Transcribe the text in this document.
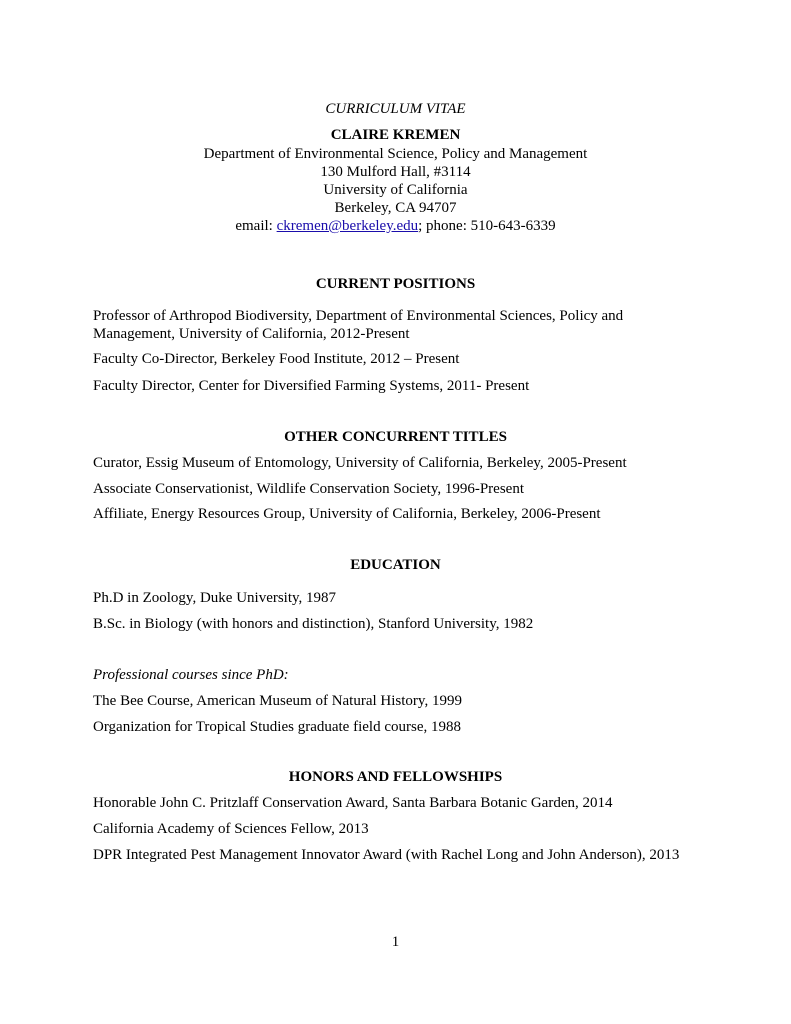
CURRICULUM VITAE
CLAIRE KREMEN
Department of Environmental Science, Policy and Management
130 Mulford Hall, #3114
University of California
Berkeley, CA 94707
email: ckremen@berkeley.edu; phone: 510-643-6339
CURRENT POSITIONS
Professor of Arthropod Biodiversity, Department of Environmental Sciences, Policy and Management, University of California, 2012-Present
Faculty Co-Director, Berkeley Food Institute, 2012 – Present
Faculty Director, Center for Diversified Farming Systems, 2011- Present
OTHER CONCURRENT TITLES
Curator, Essig Museum of Entomology, University of California, Berkeley, 2005-Present
Associate Conservationist, Wildlife Conservation Society, 1996-Present
Affiliate, Energy Resources Group, University of California, Berkeley, 2006-Present
EDUCATION
Ph.D in Zoology, Duke University, 1987
B.Sc. in Biology (with honors and distinction), Stanford University, 1982
Professional courses since PhD:
The Bee Course, American Museum of Natural History, 1999
Organization for Tropical Studies graduate field course, 1988
HONORS AND FELLOWSHIPS
Honorable John C. Pritzlaff Conservation Award, Santa Barbara Botanic Garden, 2014
California Academy of Sciences Fellow, 2013
DPR Integrated Pest Management Innovator Award (with Rachel Long and John Anderson), 2013
1
